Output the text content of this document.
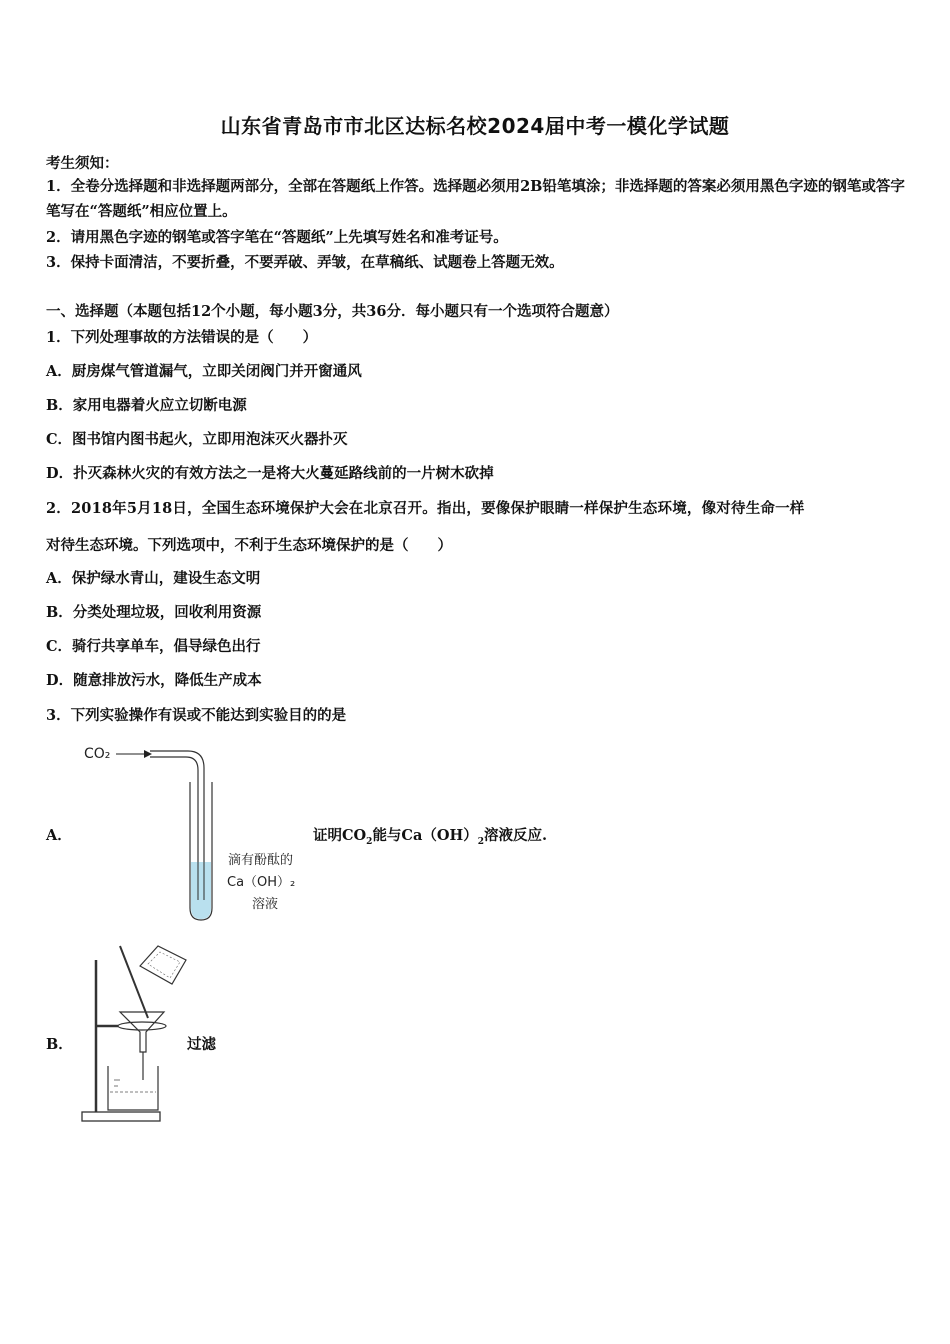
山东省青岛市市北区达标名校2024届中考一模化学试题
考生须知：
1．全卷分选择题和非选择题两部分，全部在答题纸上作答。选择题必须用2B铅笔填涂；非选择题的答案必须用黑色字迹的钢笔或答字笔写在“答题纸”相应位置上。
2．请用黑色字迹的钢笔或答字笔在“答题纸”上先填写姓名和准考证号。
3．保持卡面清洁，不要折叠，不要弄破、弄皱，在草稿纸、试题卷上答题无效。
一、选择题（本题包括12个小题，每小题3分，共36分．每小题只有一个选项符合题意）
1．下列处理事故的方法错误的是（　　）
A．厨房煤气管道漏气，立即关闭阀门并开窗通风
B．家用电器着火应立切断电源
C．图书馆内图书起火，立即用泡沫灭火器扑灭
D．扑灭森林火灾的有效方法之一是将大火蔓延路线前的一片树木砍掉
2．2018年5月18日，全国生态环境保护大会在北京召开。指出，要像保护眼睛一样保护生态环境，像对待生命一样
对待生态环境。下列选项中，不利于生态环境保护的是（　　）
A．保护绿水青山，建设生态文明
B．分类处理垃圾，回收利用资源
C．骑行共享单车，倡导绿色出行
D．随意排放污水，降低生产成本
3．下列实验操作有误或不能达到实验目的的是
A．
CO₂
滴有酚酞的
Ca（OH）₂
溶液
证明$CO_2$能与$Ca(OH)_2$溶液反应.
B．	过滤
